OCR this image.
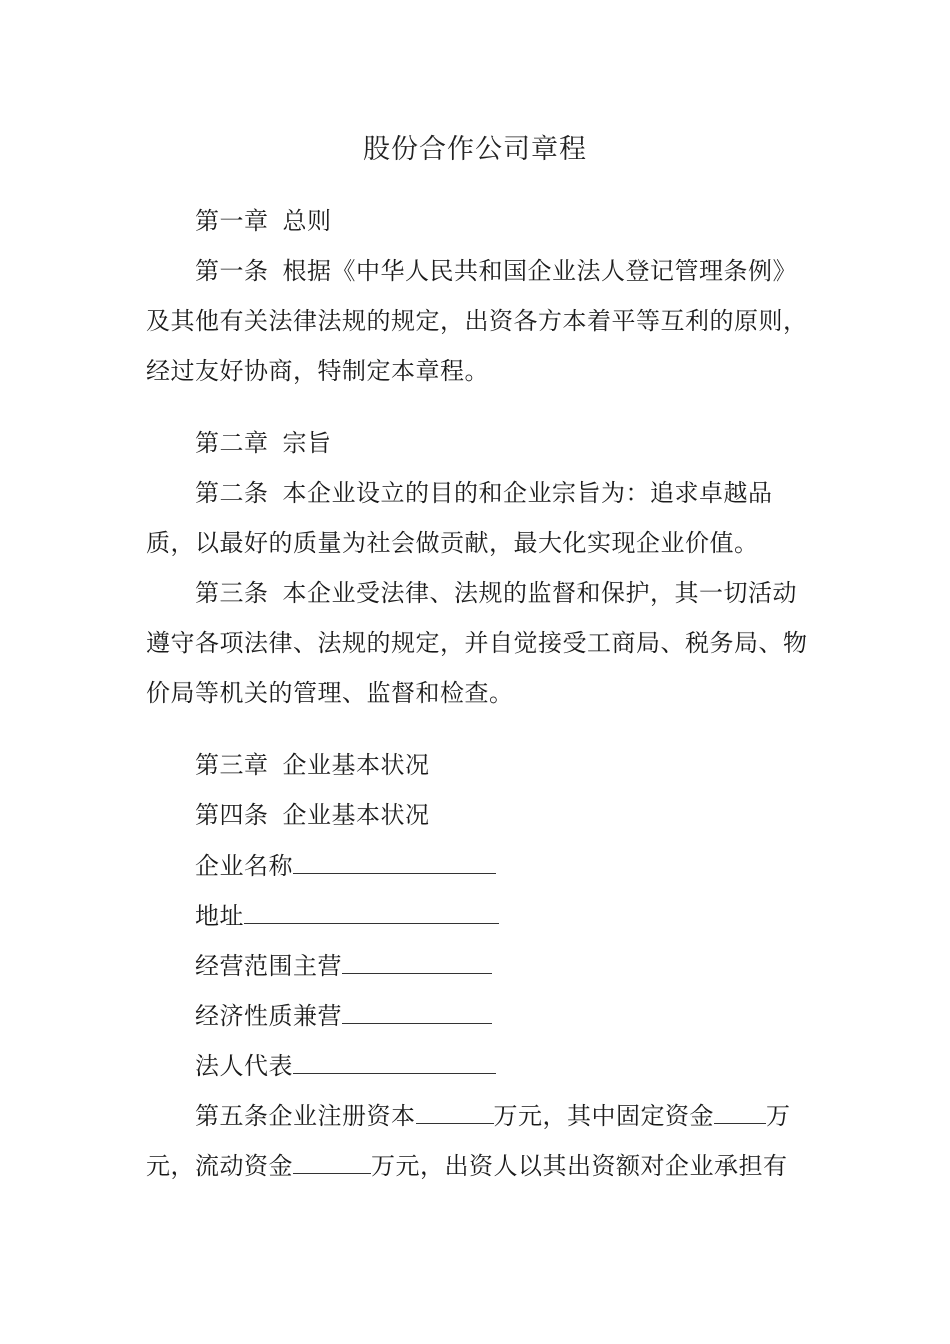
股份合作公司章程
第一章 总则
第一条 根据《中华人民共和国企业法人登记管理条例》
及其他有关法律法规的规定，出资各方本着平等互利的原则，
经过友好协商，特制定本章程。
第二章 宗旨
第二条 本企业设立的目的和企业宗旨为：追求卓越品
质，以最好的质量为社会做贡献，最大化实现企业价值。
第三条 本企业受法律、法规的监督和保护，其一切活动
遵守各项法律、法规的规定，并自觉接受工商局、税务局、物
价局等机关的管理、监督和检查。
第三章 企业基本状况
第四条 企业基本状况
企业名称
地址
经营范围主营
经济性质兼营
法人代表
第五条企业注册资本	万元，其中固定资金 万
元，流动资金	万元，出资人以其出资额对企业承担有
